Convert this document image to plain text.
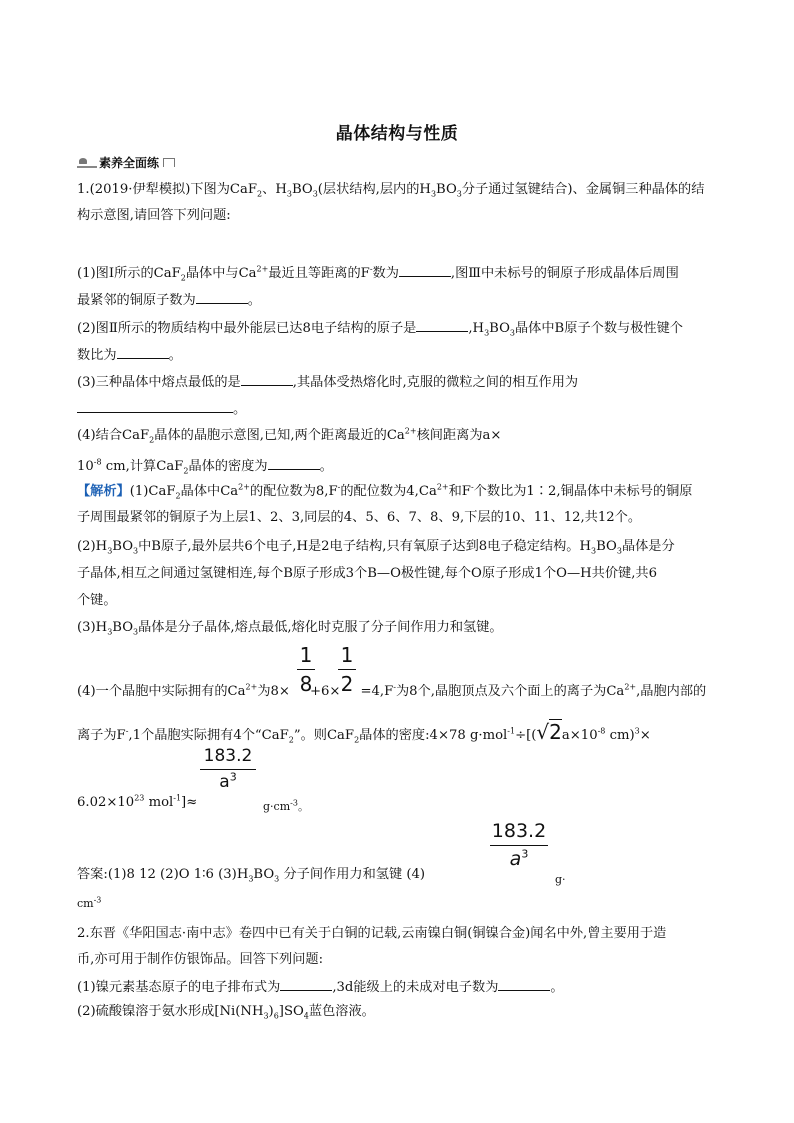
晶体结构与性质
素养全面练
1.(2019·伊犁模拟)下图为CaF$_2$、$H_3BO_3$(层状结构,层内的$H_3BO_3$分子通过氢键结合)、金属铜三种晶体的结
构示意图,请回答下列问题:
(1)图Ⅰ所示的CaF$_2$晶体中与$Ca^{2+}$最近且等距离的F-数为	,图Ⅲ中未标号的铜原子形成晶体后周围
最紧邻的铜原子数为	。
(2)图Ⅱ所示的物质结构中最外能层已达8电子结构的原子是	$,H_3BO_3$晶体中B原子个数与极性键个
数比为	。
(3)三种晶体中熔点最低的是	,其晶体受热熔化时,克服的微粒之间的相互作用为
。
(4)结合CaF$_2$晶体的晶胞示意图,已知,两个距离最近的$Ca^{2+}$核间距离为a×
$10^{-8}$ cm,计算CaF$_2$晶体的密度为	。
【解析】(1)CaF$_2$晶体中$Ca^{2+}$的配位数为8,F-的配位数为$4,Ca^{2+}$和F-个数比为1∶2,铜晶体中未标号的铜原
子周围最紧邻的铜原子为上层1、2、3,同层的4、5、6、7、8、9,下层的10、11、12,共12个。
$(2)H_3BO_3$中B原子,最外层共6个电子,H是2电子结构,只有氧原子达到8电子稳定结构。$H_3BO_3$晶体是分
子晶体,相互之间通过氢键相连,每个B原子形成3个B—O极性键,每个O原子形成1个O—H共价键,共6
个键。
$(3)H_3BO_3$晶体是分子晶体,熔点最低,熔化时克服了分子间作用力和氢键。
1
8
1
2
(4)一个晶胞中实际拥有的$Ca^{2+}$为8× +6× =4,F-为8个,晶胞顶点及六个面上的离子为$Ca^{2+}$,晶胞内部的
离子为F-,1个晶胞实际拥有4个“CaF$_2$”。则CaF$_2$晶体的密度:4×78 $g\cdot mol^{-1}\div[(√2a\times 10^{-8}$ cm)$^3$×
183.2
$a^3$
$6.02\times 10^{23}$ mol$^{-1}$]≈	$g\cdot cm^{-3}$。
183.2
$a^3$
答案:(1)8 12 (2)O 1∶6 $(3)H_3BO_3$ 分子间作用力和氢键 (4)	g·
$cm^{-3}$
2.东晋《华阳国志·南中志》卷四中已有关于白铜的记载,云南镍白铜(铜镍合金)闻名中外,曾主要用于造
币,亦可用于制作仿银饰品。回答下列问题:
(1)镍元素基态原子的电子排布式为	,3d能级上的未成对电子数为	。
(2)硫酸镍溶于氨水形成$[Ni(NH_3)_6]SO_4$蓝色溶液。
